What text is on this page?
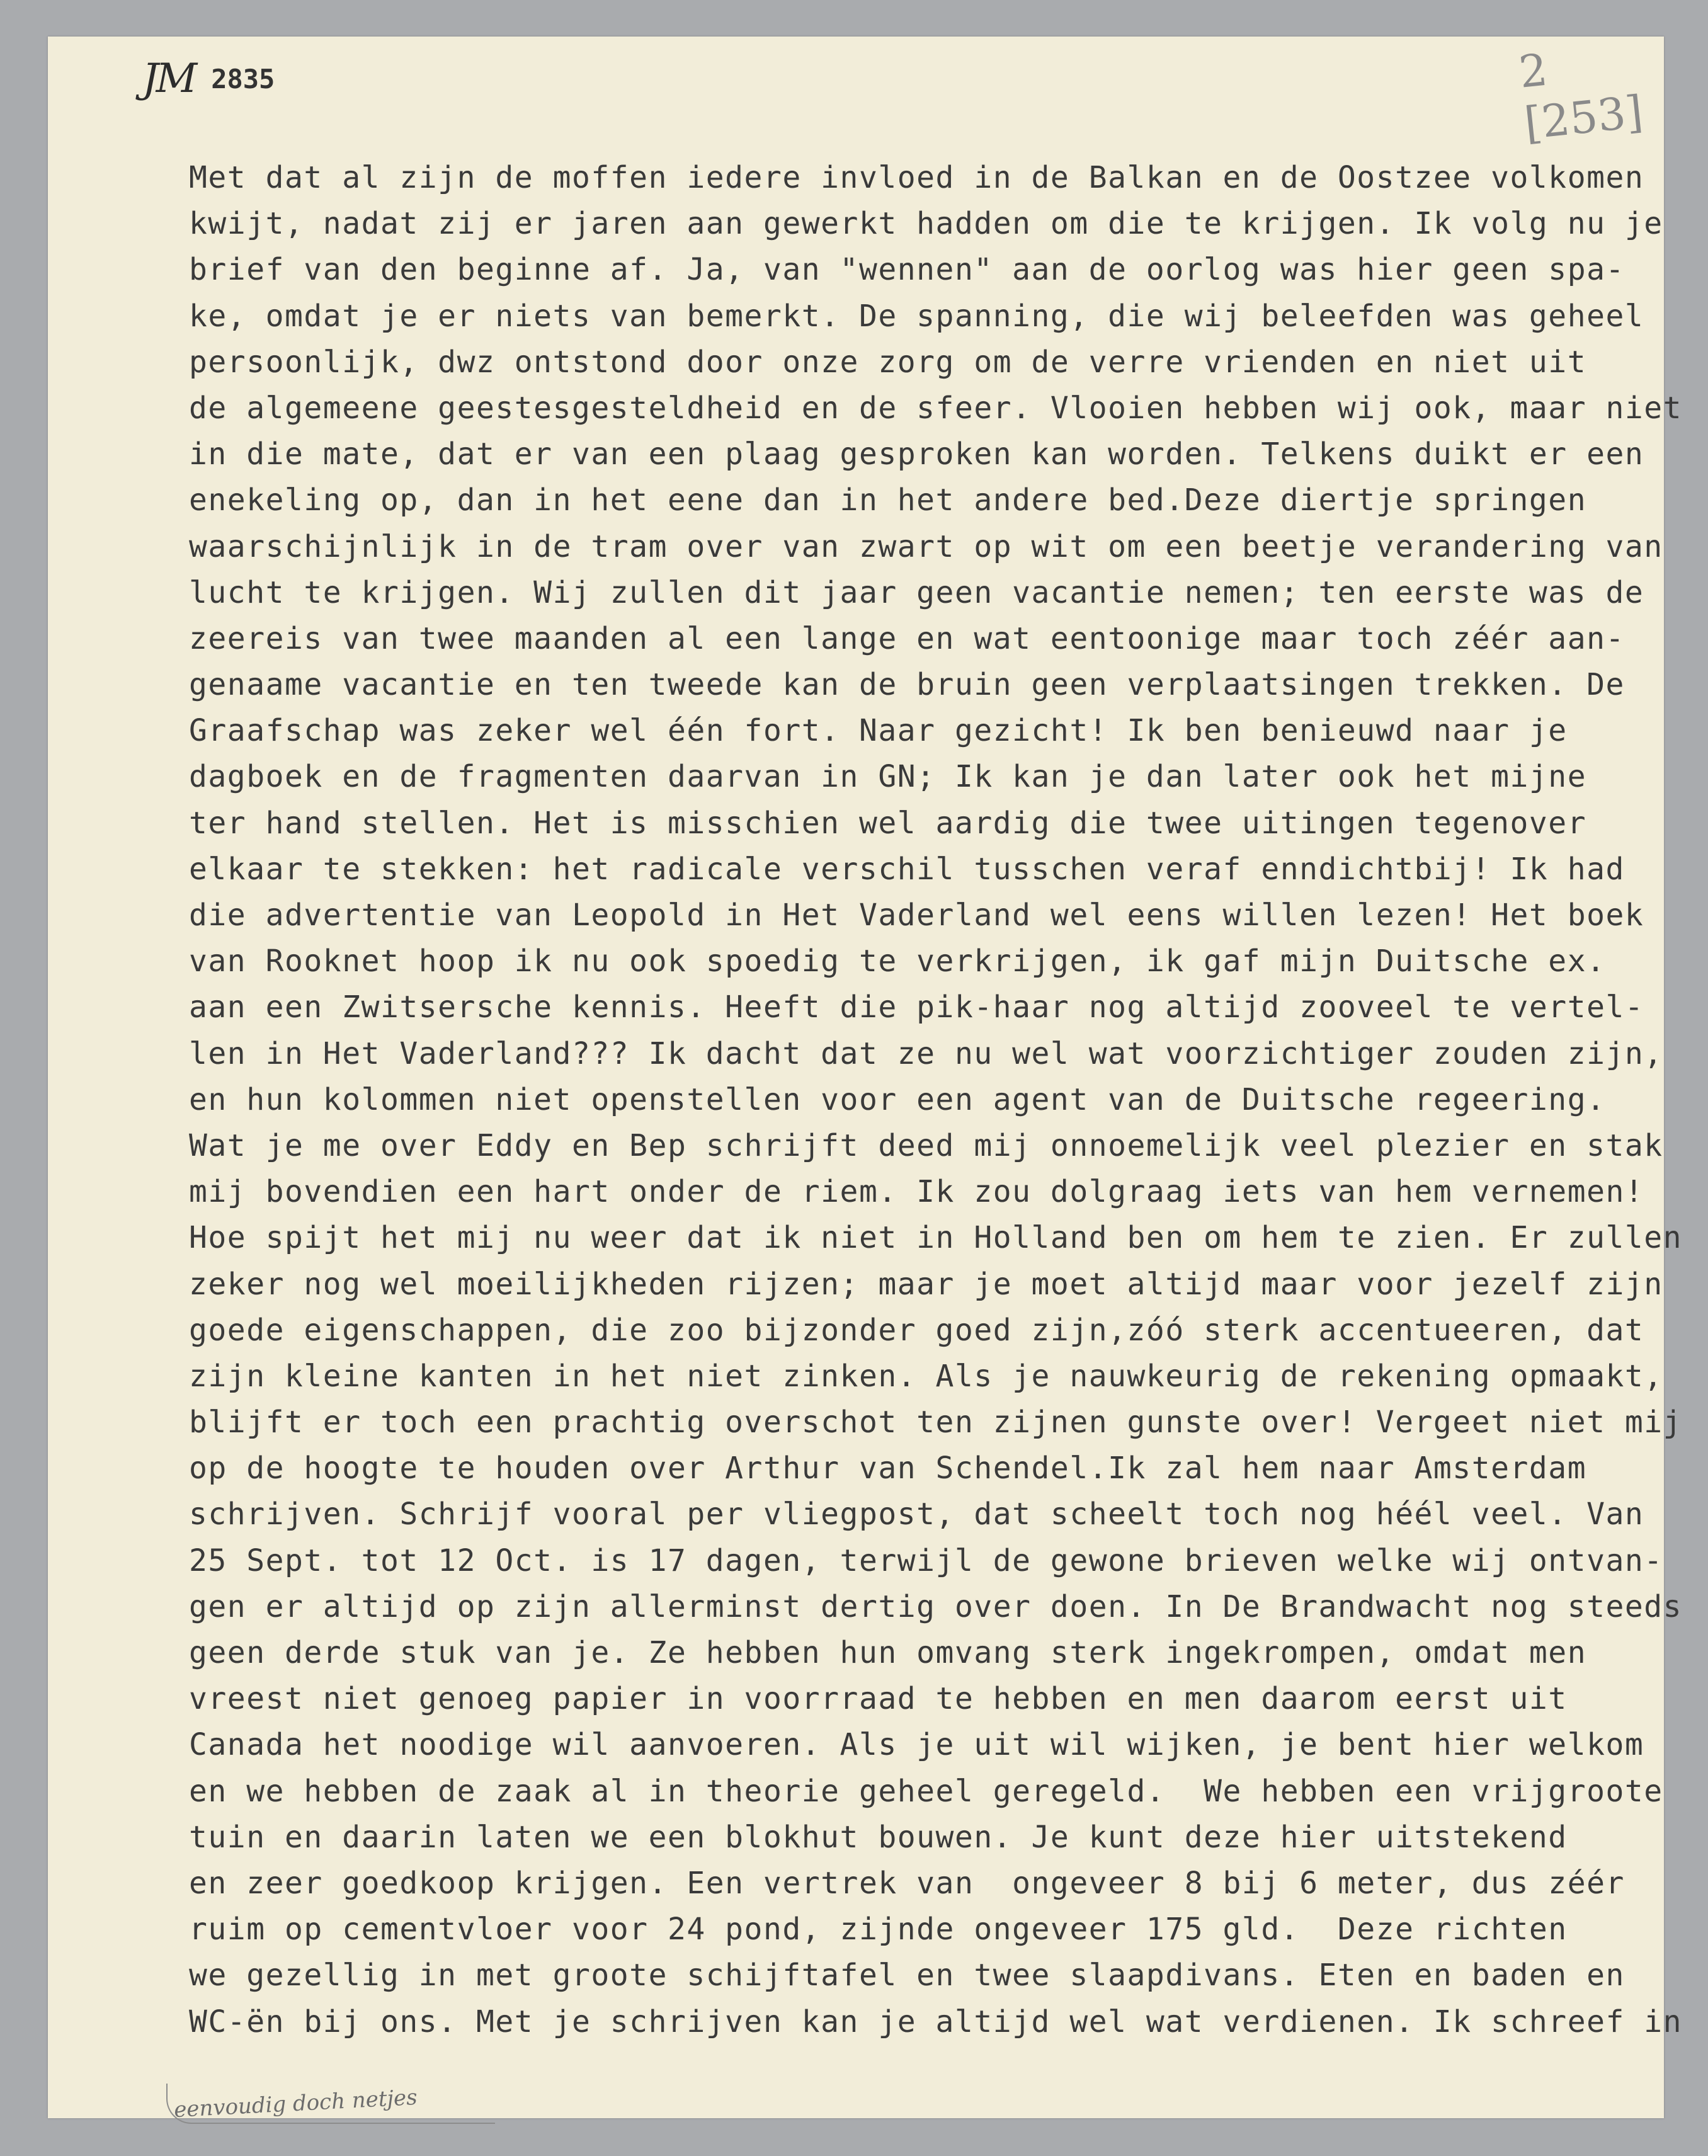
JM 2835	2 [253]
eenvoudig doch netjes
Met dat al zijn de moffen iedere invloed in de Balkan en de Oostzee volkomen
kwijt, nadat zij er jaren aan gewerkt hadden om die te krijgen. Ik volg nu je
brief van den beginne af. Ja, van "wennen" aan de oorlog was hier geen spa-
ke, omdat je er niets van bemerkt. De spanning, die wij beleefden was geheel
persoonlijk, dwz ontstond door onze zorg om de verre vrienden en niet uit
de algemeene geestesgesteldheid en de sfeer. Vlooien hebben wij ook, maar niet
in die mate, dat er van een plaag gesproken kan worden. Telkens duikt er een
enekeling op, dan in het eene dan in het andere bed.Deze diertje springen
waarschijnlijk in de tram over van zwart op wit om een beetje verandering van
lucht te krijgen. Wij zullen dit jaar geen vacantie nemen; ten eerste was de
zeereis van twee maanden al een lange en wat eentoonige maar toch zéér aan-
genaame vacantie en ten tweede kan de bruin geen verplaatsingen trekken. De
Graafschap was zeker wel één fort. Naar gezicht! Ik ben benieuwd naar je
dagboek en de fragmenten daarvan in GN; Ik kan je dan later ook het mijne
ter hand stellen. Het is misschien wel aardig die twee uitingen tegenover
elkaar te stekken: het radicale verschil tusschen veraf enndichtbij! Ik had
die advertentie van Leopold in Het Vaderland wel eens willen lezen! Het boek
van Rooknet hoop ik nu ook spoedig te verkrijgen, ik gaf mijn Duitsche ex.
aan een Zwitsersche kennis. Heeft die pik-haar nog altijd zooveel te vertel-
len in Het Vaderland??? Ik dacht dat ze nu wel wat voorzichtiger zouden zijn,
en hun kolommen niet openstellen voor een agent van de Duitsche regeering.
Wat je me over Eddy en Bep schrijft deed mij onnoemelijk veel plezier en stak
mij bovendien een hart onder de riem. Ik zou dolgraag iets van hem vernemen!
Hoe spijt het mij nu weer dat ik niet in Holland ben om hem te zien. Er zullen
zeker nog wel moeilijkheden rijzen; maar je moet altijd maar voor jezelf zijn
goede eigenschappen, die zoo bijzonder goed zijn,zóó sterk accentueeren, dat
zijn kleine kanten in het niet zinken. Als je nauwkeurig de rekening opmaakt,
blijft er toch een prachtig overschot ten zijnen gunste over! Vergeet niet mij
op de hoogte te houden over Arthur van Schendel.Ik zal hem naar Amsterdam
schrijven. Schrijf vooral per vliegpost, dat scheelt toch nog héél veel. Van
25 Sept. tot 12 Oct. is 17 dagen, terwijl de gewone brieven welke wij ontvan-
gen er altijd op zijn allerminst dertig over doen. In De Brandwacht nog steeds
geen derde stuk van je. Ze hebben hun omvang sterk ingekrompen, omdat men
vreest niet genoeg papier in voorrraad te hebben en men daarom eerst uit
Canada het noodige wil aanvoeren. Als je uit wil wijken, je bent hier welkom
en we hebben de zaak al in theorie geheel geregeld.  We hebben een vrijgroote
tuin en daarin laten we een blokhut bouwen. Je kunt deze hier uitstekend
en zeer goedkoop krijgen. Een vertrek van  ongeveer 8 bij 6 meter, dus zéér
ruim op cementvloer voor 24 pond, zijnde ongeveer 175 gld.  Deze richten
we gezellig in met groote schijftafel en twee slaapdivans. Eten en baden en
WC-ën bij ons. Met je schrijven kan je altijd wel wat verdienen. Ik schreef in
